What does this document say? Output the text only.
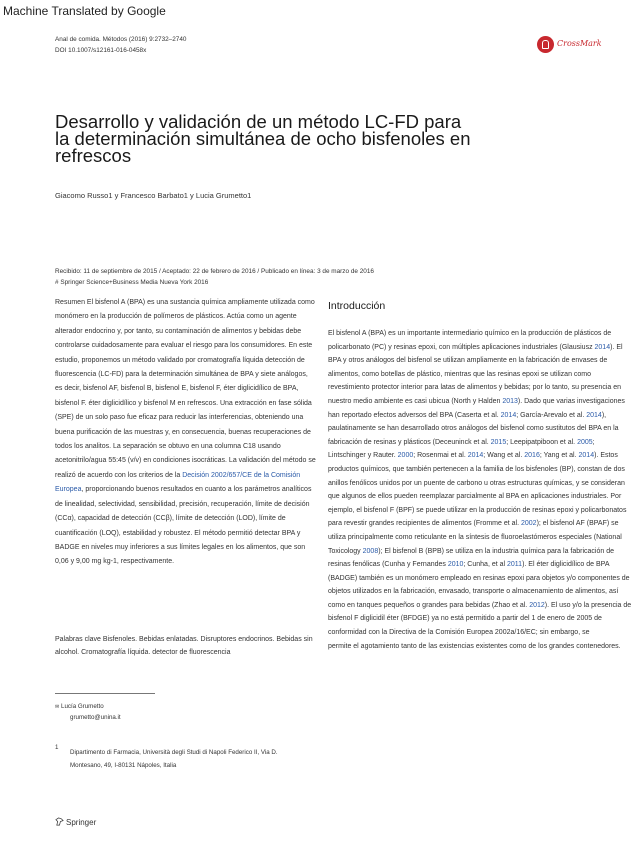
Machine Translated by Google
Anal de comida. Métodos (2016) 9:2732–2740
DOI 10.1007/s12161-016-0458x
CrossMark
Desarrollo y validación de un método LC-FD para la determinación simultánea de ocho bisfenoles en refrescos
Giacomo Russo1 y Francesco Barbato1 y Lucia Grumetto1
Recibido: 11 de septiembre de 2015 / Aceptado: 22 de febrero de 2016 / Publicado en línea: 3 de marzo de 2016
# Springer Science+Business Media Nueva York 2016
Resumen El bisfenol A (BPA) es una sustancia química ampliamente utilizada como monómero en la producción de polímeros de plásticos. Actúa como un agente alterador endocrino y, por tanto, su contaminación de alimentos y bebidas debe controlarse cuidadosamente para evaluar el riesgo para los consumidores. En este estudio, proponemos un método validado por cromatografía líquida detección de fluorescencia (LC-FD) para la determinación simultánea de BPA y siete análogos, es decir, bisfenol AF, bisfenol B, bisfenol E, bisfenol F, éter diglicidílico de BPA, bisfenol F. éter diglicidílico y bisfenol M en refrescos. Una extracción en fase sólida (SPE) de un solo paso fue eficaz para reducir las interferencias, obteniendo una buena purificación de las muestras y, en consecuencia, buenas recuperaciones de todos los analitos. La separación se obtuvo en una columna C18 usando acetonitrilo/agua 55:45 (v/v) en condiciones isocráticas. La validación del método se realizó de acuerdo con los criterios de la Decisión 2002/657/CE de la Comisión Europea, proporcionando buenos resultados en cuanto a los parámetros analíticos de linealidad, selectividad, sensibilidad, precisión, recuperación, límite de decisión (CCα), capacidad de detección (CCβ), límite de detección (LOD), límite de cuantificación (LOQ), estabilidad y robustez. El método permitió detectar BPA y BADGE en niveles muy inferiores a sus límites legales en los alimentos, que son 0,06 y 9,00 mg kg-1, respectivamente.
Palabras clave Bisfenoles. Bebidas enlatadas. Disruptores endocrinos. Bebidas sin alcohol. Cromatografía líquida. detector de fluorescencia
✉ Lucía Grumetto
grumetto@unina.it
1
Dipartimento di Farmacia, Università degli Studi di Napoli Federico II, Via D. Montesano, 49, I-80131 Nápoles, Italia
Springer
Introducción
El bisfenol A (BPA) es un importante intermediario químico en la producción de plásticos de policarbonato (PC) y resinas epoxi, con múltiples aplicaciones industriales (Glausiusz 2014). El BPA y otros análogos del bisfenol se utilizan ampliamente en la fabricación de envases de alimentos, como botellas de plástico, mientras que las resinas epoxi se utilizan como revestimiento protector interior para latas de alimentos y bebidas; por lo tanto, su presencia en nuestro medio ambiente es casi ubicua (North y Halden 2013). Dado que varias investigaciones han reportado efectos adversos del BPA (Caserta et al. 2014; García-Arevalo et al. 2014), paulatinamente se han desarrollado otros análogos del bisfenol como sustitutos del BPA en la fabricación de resinas y plásticos (Deceuninck et al. 2015; Leepipatpiboon et al. 2005; Lintschinger y Rauter. 2000; Rosenmai et al. 2014; Wang et al. 2016; Yang et al. 2014). Estos productos químicos, que también pertenecen a la familia de los bisfenoles (BP), constan de dos anillos fenólicos unidos por un puente de carbono u otras estructuras químicas, y se consideran que algunos de ellos pueden reemplazar parcialmente al BPA en aplicaciones industriales. Por ejemplo, el bisfenol F (BPF) se puede utilizar en la producción de resinas epoxi y policarbonatos para revestir grandes recipientes de alimentos (Fromme et al. 2002); el bisfenol AF (BPAF) se utiliza principalmente como reticulante en la síntesis de fluoroelastómeros especiales (National Toxicology 2008); El bisfenol B (BPB) se utiliza en la industria química para la fabricación de resinas fenólicas (Cunha y Fernandes 2010; Cunha, et al 2011). El éter diglicidílico de BPA (BADGE) también es un monómero empleado en resinas epoxi para objetos y/o componentes de objetos utilizados en la fabricación, envasado, transporte o almacenamiento de alimentos, así como en tanques pequeños o grandes para bebidas (Zhao et al. 2012). El uso y/o la presencia de bisfenol F diglicidil éter (BFDGE) ya no está permitido a partir del 1 de enero de 2005 de conformidad con la Directiva de la Comisión Europea 2002a/16/EC; sin embargo, se
permite el agotamiento tanto de las existencias existentes como de los grandes contenedores.
